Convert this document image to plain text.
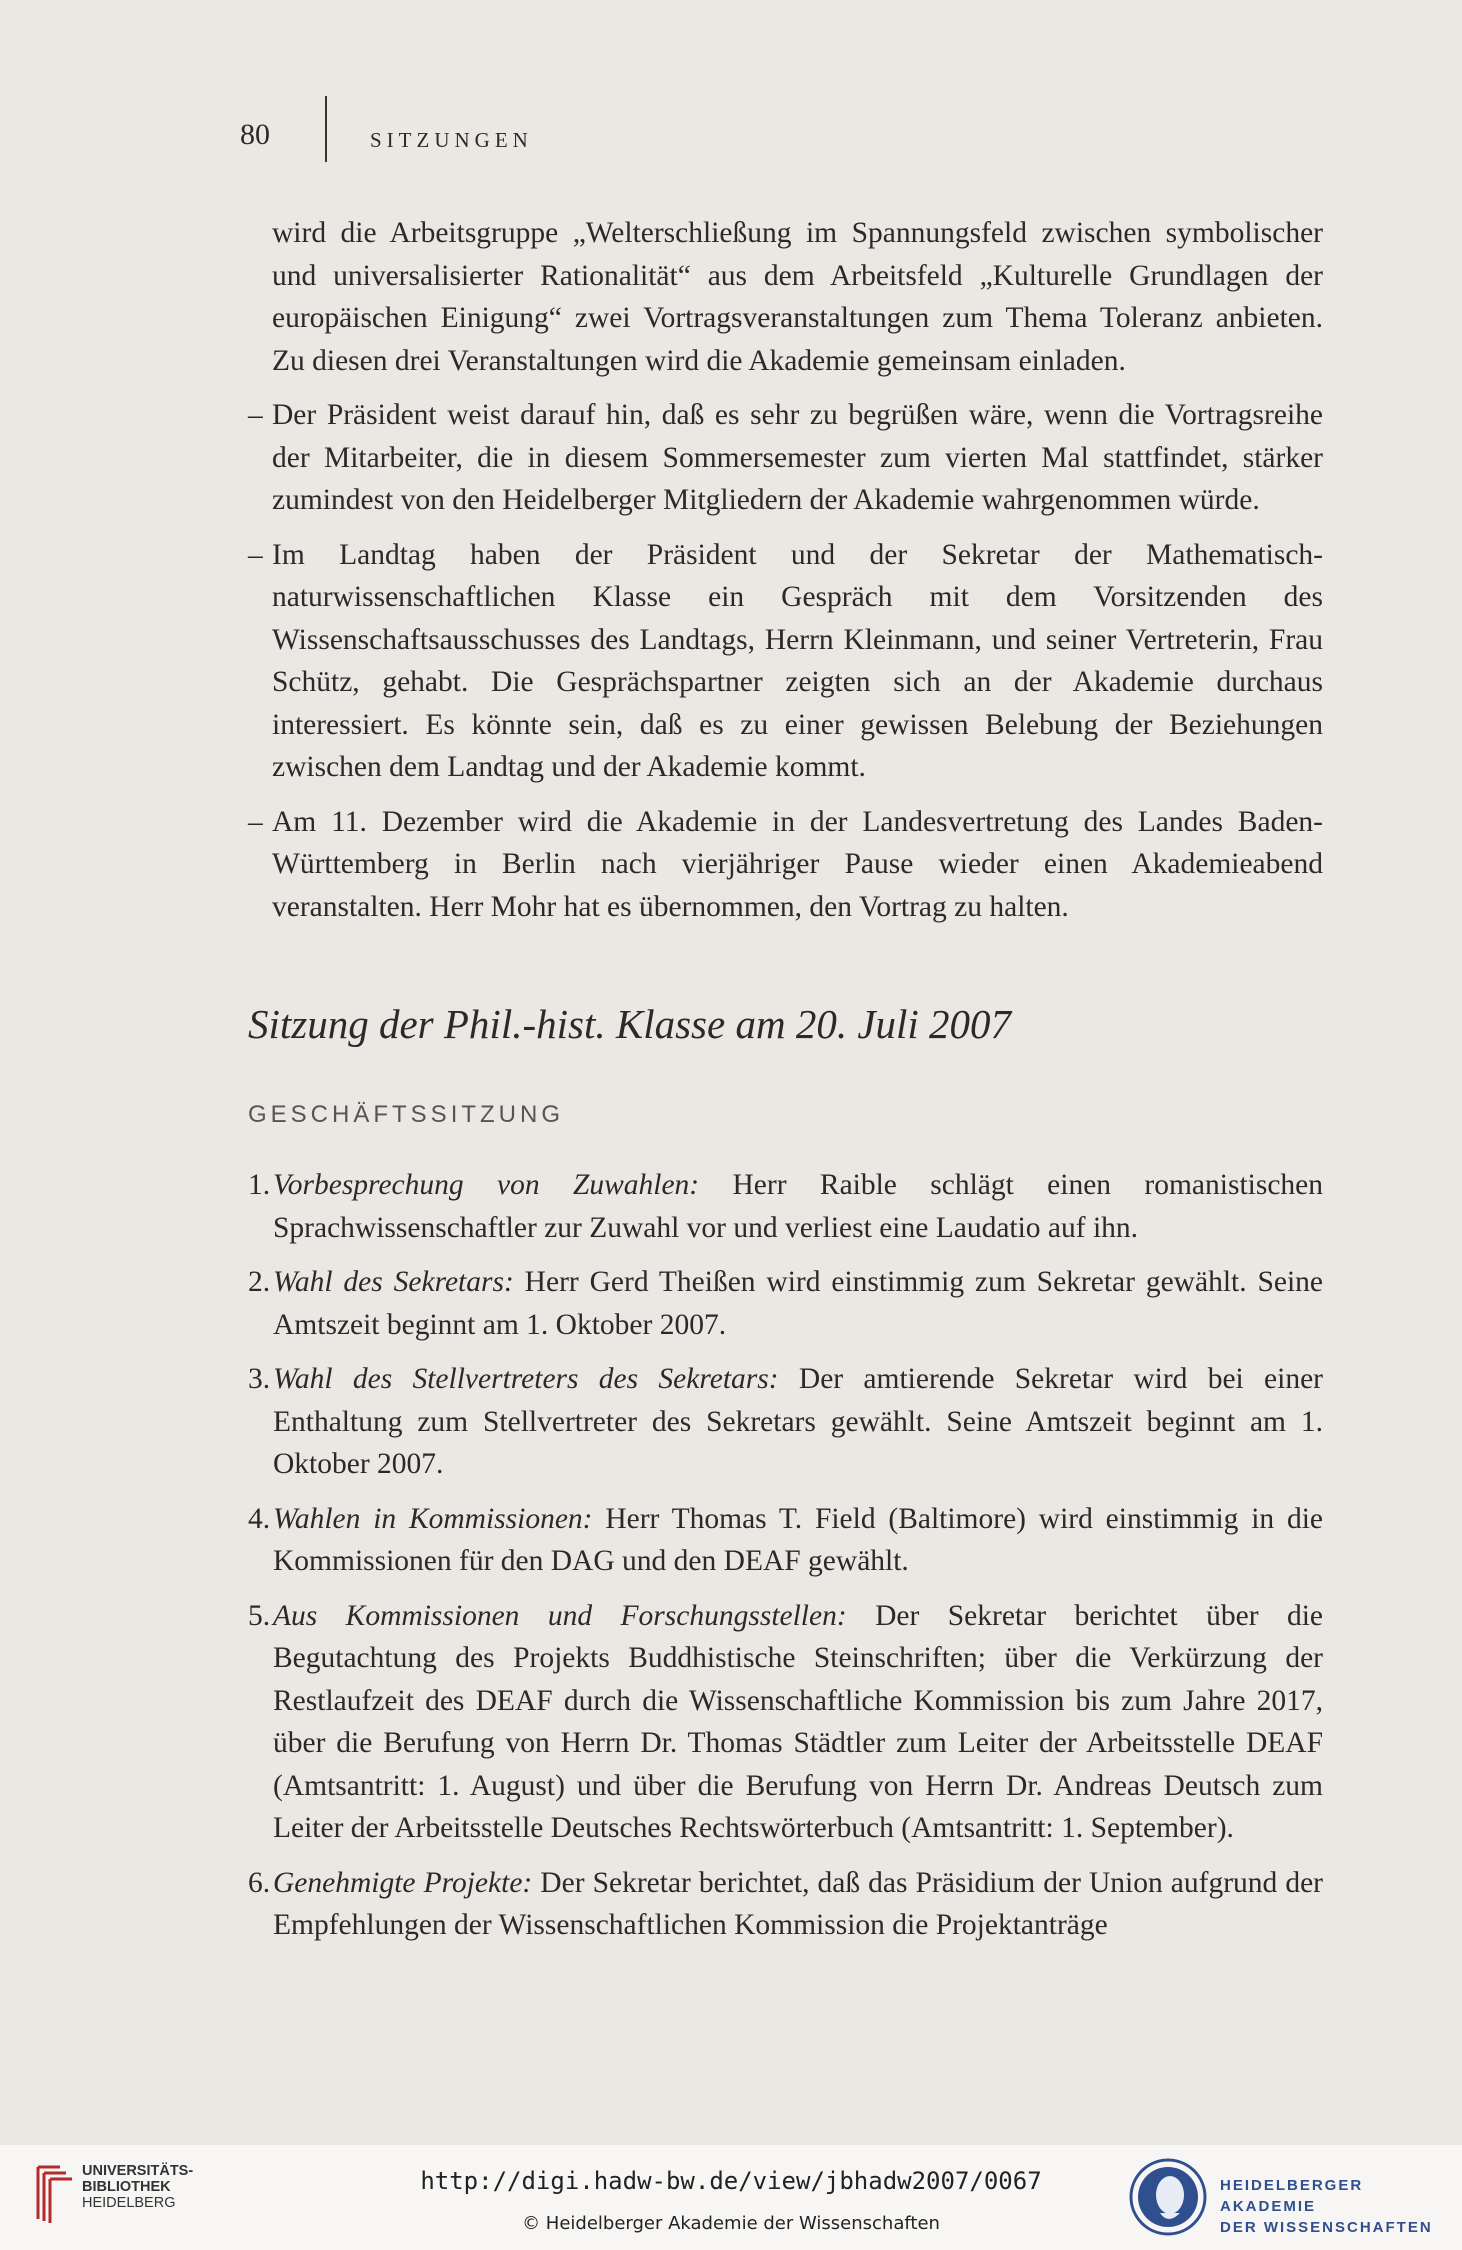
80	SITZUNGEN

wird die Arbeitsgruppe „Welterschließung im Spannungsfeld zwischen symbolischer und universalisierter Rationalität“ aus dem Arbeitsfeld „Kulturelle Grundlagen der europäischen Einigung“ zwei Vortragsveranstaltungen zum Thema Toleranz anbieten. Zu diesen drei Veranstaltungen wird die Akademie gemeinsam einladen.

– Der Präsident weist darauf hin, daß es sehr zu begrüßen wäre, wenn die Vortragsreihe der Mitarbeiter, die in diesem Sommersemester zum vierten Mal stattfindet, stärker zumindest von den Heidelberger Mitgliedern der Akademie wahrgenommen würde.
– Im Landtag haben der Präsident und der Sekretar der Mathematisch-naturwissenschaftlichen Klasse ein Gespräch mit dem Vorsitzenden des Wissenschaftsausschusses des Landtags, Herrn Kleinmann, und seiner Vertreterin, Frau Schütz, gehabt. Die Gesprächspartner zeigten sich an der Akademie durchaus interessiert. Es könnte sein, daß es zu einer gewissen Belebung der Beziehungen zwischen dem Landtag und der Akademie kommt.
– Am 11. Dezember wird die Akademie in der Landesvertretung des Landes Baden-Württemberg in Berlin nach vierjähriger Pause wieder einen Akademieabend veranstalten. Herr Mohr hat es übernommen, den Vortrag zu halten.
Sitzung der Phil.-hist. Klasse am 20. Juli 2007
GESCHÄFTSSITZUNG
1. Vorbesprechung von Zuwahlen: Herr Raible schlägt einen romanistischen Sprachwissenschaftler zur Zuwahl vor und verliest eine Laudatio auf ihn.
2. Wahl des Sekretars: Herr Gerd Theißen wird einstimmig zum Sekretar gewählt. Seine Amtszeit beginnt am 1. Oktober 2007.
3. Wahl des Stellvertreters des Sekretars: Der amtierende Sekretar wird bei einer Enthaltung zum Stellvertreter des Sekretars gewählt. Seine Amtszeit beginnt am 1. Oktober 2007.
4. Wahlen in Kommissionen: Herr Thomas T. Field (Baltimore) wird einstimmig in die Kommissionen für den DAG und den DEAF gewählt.
5. Aus Kommissionen und Forschungsstellen: Der Sekretar berichtet über die Begutachtung des Projekts Buddhistische Steinschriften; über die Verkürzung der Restlaufzeit des DEAF durch die Wissenschaftliche Kommission bis zum Jahre 2017, über die Berufung von Herrn Dr. Thomas Städtler zum Leiter der Arbeitsstelle DEAF (Amtsantritt: 1. August) und über die Berufung von Herrn Dr. Andreas Deutsch zum Leiter der Arbeitsstelle Deutsches Rechtswörterbuch (Amtsantritt: 1. September).
6. Genehmigte Projekte: Der Sekretar berichtet, daß das Präsidium der Union aufgrund der Empfehlungen der Wissenschaftlichen Kommission die Projektanträge
UNIVERSITÄTS-
BIBLIOTHEK
HEIDELBERG
http://digi.hadw-bw.de/view/jbhadw2007/0067
© Heidelberger Akademie der Wissenschaften
HEIDELBERGER AKADEMIE
DER WISSENSCHAFTEN
